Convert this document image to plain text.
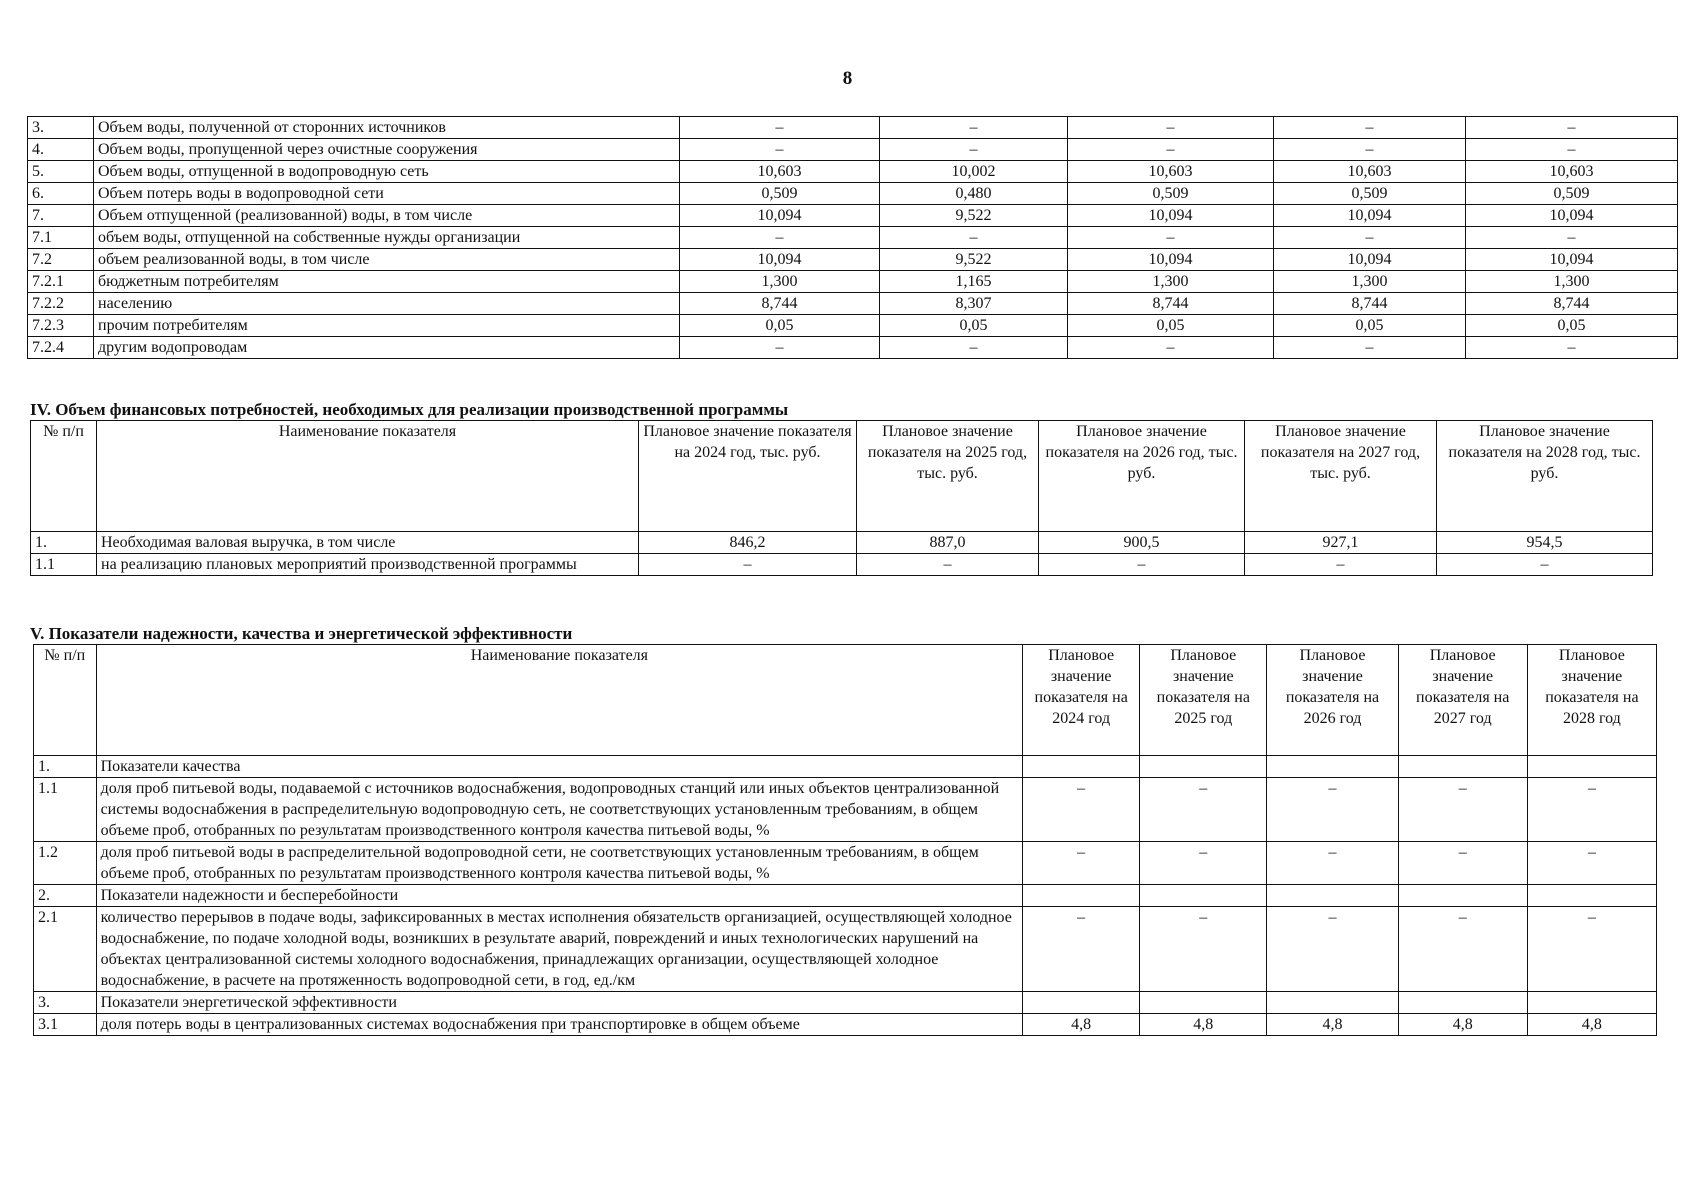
8
3.	Объем воды, полученной от сторонних источников	–	–	–	–	–
4.	Объем воды, пропущенной через очистные сооружения	–	–	–	–	–
5.	Объем воды, отпущенной в водопроводную сеть	10,603	10,002	10,603	10,603	10,603
6.	Объем потерь воды в водопроводной сети	0,509	0,480	0,509	0,509	0,509
7.	Объем отпущенной (реализованной) воды, в том числе	10,094	9,522	10,094	10,094	10,094
7.1	объем воды, отпущенной на собственные нужды организации	–	–	–	–	–
7.2	объем реализованной воды, в том числе	10,094	9,522	10,094	10,094	10,094
7.2.1	бюджетным потребителям	1,300	1,165	1,300	1,300	1,300
7.2.2	населению	8,744	8,307	8,744	8,744	8,744
7.2.3	прочим потребителям	0,05	0,05	0,05	0,05	0,05
7.2.4	другим водопроводам	–	–	–	–	–
IV. Объем финансовых потребностей, необходимых для реализации производственной программы
№ п/п	Наименование показателя	Плановое значение показателя на 2024 год, тыс. руб.	Плановое значение показателя на 2025 год, тыс. руб.	Плановое значение показателя на 2026 год, тыс. руб.	Плановое значение показателя на 2027 год, тыс. руб.	Плановое значение показателя на 2028 год, тыс. руб.
1.	Необходимая валовая выручка, в том числе	846,2	887,0	900,5	927,1	954,5
1.1	на реализацию плановых мероприятий производственной программы	–	–	–	–	–
V. Показатели надежности, качества и энергетической эффективности
№ п/п	Наименование показателя	Плановое значение показателя на 2024 год	Плановое значение показателя на 2025 год	Плановое значение показателя на 2026 год	Плановое значение показателя на 2027 год	Плановое значение показателя на 2028 год
1.	Показатели качества					
1.1	доля проб питьевой воды, подаваемой с источников водоснабжения, водопроводных станций или иных объектов централизованной системы водоснабжения в распределительную водопроводную сеть, не соответствующих установленным требованиям, в общем объеме проб, отобранных по результатам производственного контроля качества питьевой воды, %	–	–	–	–	–
1.2	доля проб питьевой воды в распределительной водопроводной сети, не соответствующих установленным требованиям, в общем объеме проб, отобранных по результатам производственного контроля качества питьевой воды, %	–	–	–	–	–
2.	Показатели надежности и бесперебойности					
2.1	количество перерывов в подаче воды, зафиксированных в местах исполнения обязательств организацией, осуществляющей холодное водоснабжение, по подаче холодной воды, возникших в результате аварий, повреждений и иных технологических нарушений на объектах централизованной системы холодного водоснабжения, принадлежащих организации, осуществляющей холодное водоснабжение, в расчете на протяженность водопроводной сети, в год, ед./км	–	–	–	–	–
3.	Показатели энергетической эффективности					
3.1	доля потерь воды в централизованных системах водоснабжения при транспортировке в общем объеме	4,8	4,8	4,8	4,8	4,8
